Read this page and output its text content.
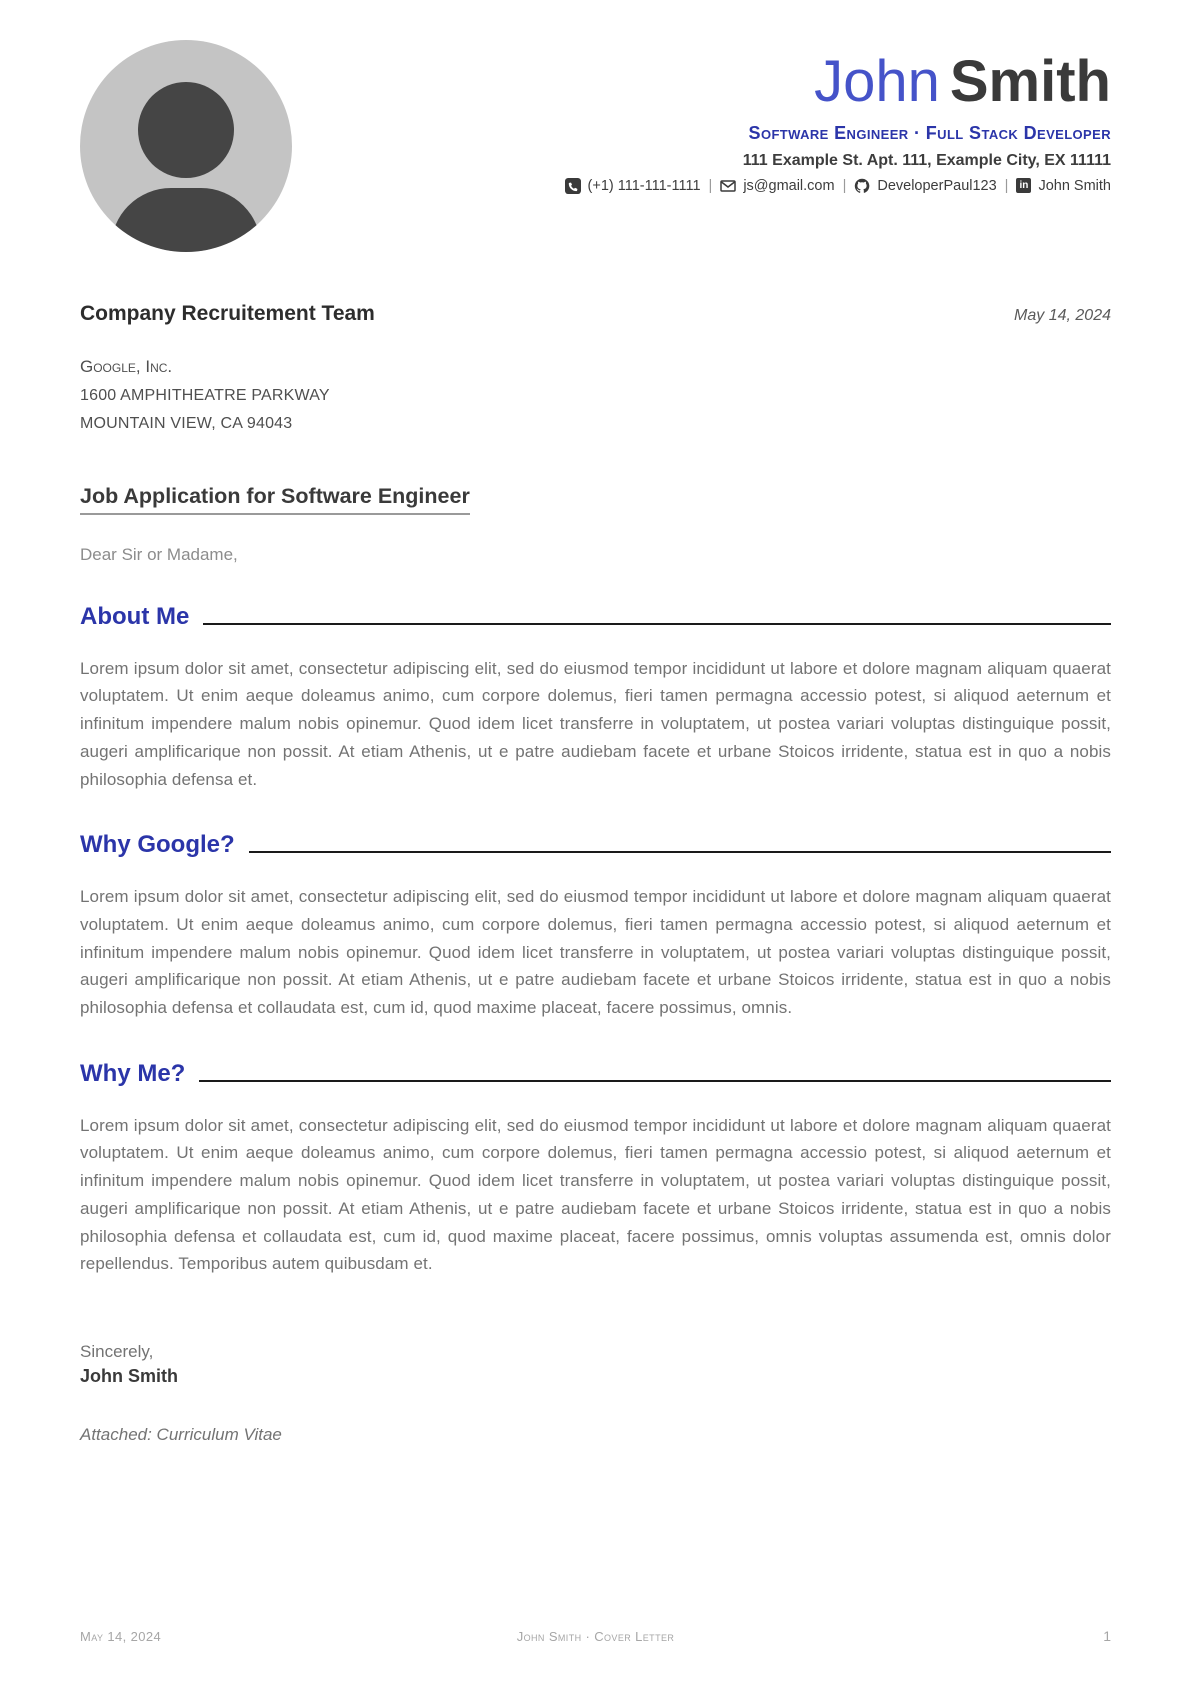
John Smith
Software Engineer · Full Stack Developer
111 Example St. Apt. 111, Example City, EX 11111
(+1) 111-111-1111 | js@gmail.com | DeveloperPaul123 |	in John Smith
Company Recruitement Team	May 14, 2024
Google, Inc.
1600 AMPHITHEATRE PARKWAY
MOUNTAIN VIEW, CA 94043
Job Application for Software Engineer
Dear Sir or Madame,
About Me
Lorem ipsum dolor sit amet, consectetur adipiscing elit, sed do eiusmod tempor incididunt ut labore et dolore magnam aliquam quaerat voluptatem. Ut enim aeque doleamus animo, cum corpore dolemus, fieri tamen permagna accessio potest, si aliquod aeternum et infinitum impendere malum nobis opinemur. Quod idem licet transferre in voluptatem, ut postea variari voluptas distinguique possit, augeri amplificarique non possit. At etiam Athenis, ut e patre audiebam facete et urbane Stoicos irridente, statua est in quo a nobis philosophia defensa et.
Why Google?
Lorem ipsum dolor sit amet, consectetur adipiscing elit, sed do eiusmod tempor incididunt ut labore et dolore magnam aliquam quaerat voluptatem. Ut enim aeque doleamus animo, cum corpore dolemus, fieri tamen permagna accessio potest, si aliquod aeternum et infinitum impendere malum nobis opinemur. Quod idem licet transferre in voluptatem, ut postea variari voluptas distinguique possit, augeri amplificarique non possit. At etiam Athenis, ut e patre audiebam facete et urbane Stoicos irridente, statua est in quo a nobis philosophia defensa et collaudata est, cum id, quod maxime placeat, facere possimus, omnis.
Why Me?
Lorem ipsum dolor sit amet, consectetur adipiscing elit, sed do eiusmod tempor incididunt ut labore et dolore magnam aliquam quaerat voluptatem. Ut enim aeque doleamus animo, cum corpore dolemus, fieri tamen permagna accessio potest, si aliquod aeternum et infinitum impendere malum nobis opinemur. Quod idem licet transferre in voluptatem, ut postea variari voluptas distinguique possit, augeri amplificarique non possit. At etiam Athenis, ut e patre audiebam facete et urbane Stoicos irridente, statua est in quo a nobis philosophia defensa et collaudata est, cum id, quod maxime placeat, facere possimus, omnis voluptas assumenda est, omnis dolor repellendus. Temporibus autem quibusdam et.
Sincerely,
John Smith
Attached: Curriculum Vitae
May 14, 2024	John Smith · Cover Letter	1
